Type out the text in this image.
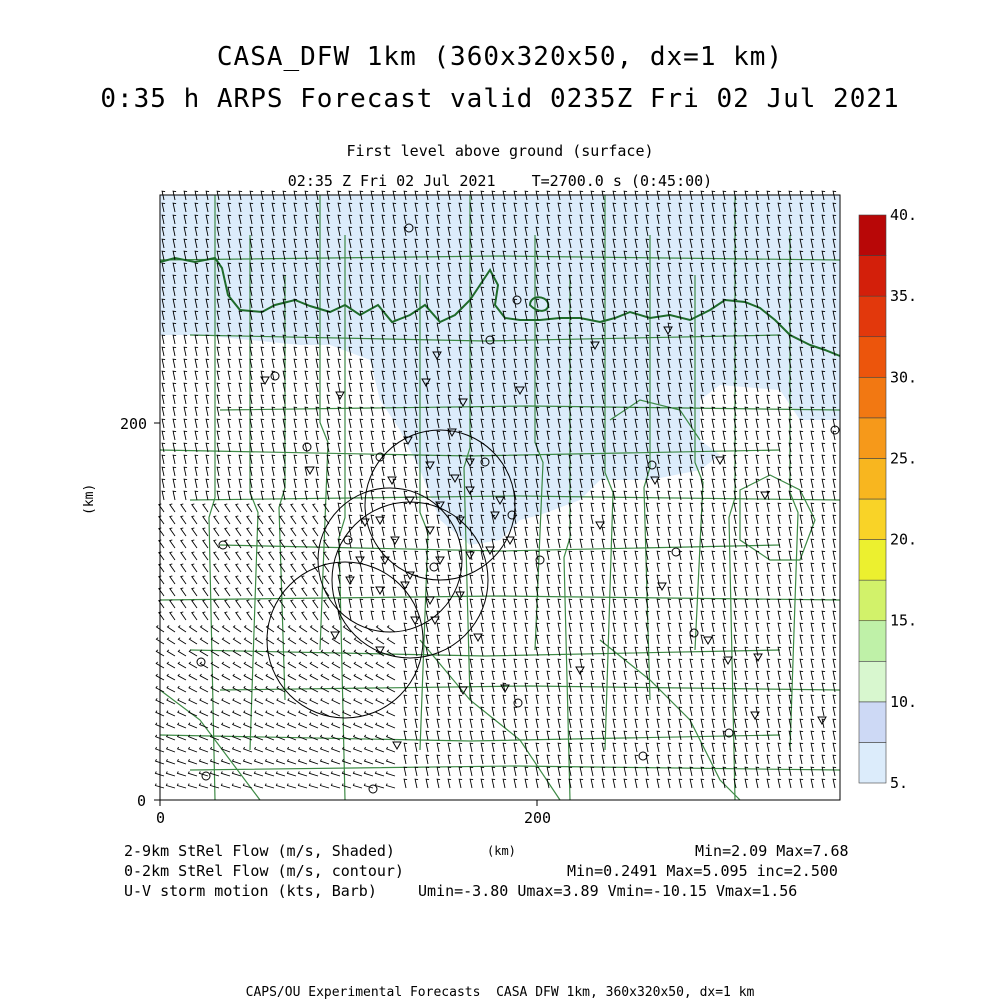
CASA_DFW 1km (360x320x50, dx=1 km)
0:35 h ARPS Forecast valid 0235Z Fri 02 Jul 2021
First level above ground (surface)
02:35 Z Fri 02 Jul 2021    T=2700.0 s (0:45:00)
0	200
0
200
(km)
5.
10.
15.
20.
25.
30.
35.
40.
2-9km StRel Flow (m/s, Shaded)	(km)	Min=2.09 Max=7.68
0-2km StRel Flow (m/s, contour)	Min=0.2491 Max=5.095 inc=2.500
U-V storm motion (kts, Barb)	Umin=-3.80 Umax=3.89 Vmin=-10.15 Vmax=1.56
CAPS/OU Experimental Forecasts  CASA DFW 1km, 360x320x50, dx=1 km
